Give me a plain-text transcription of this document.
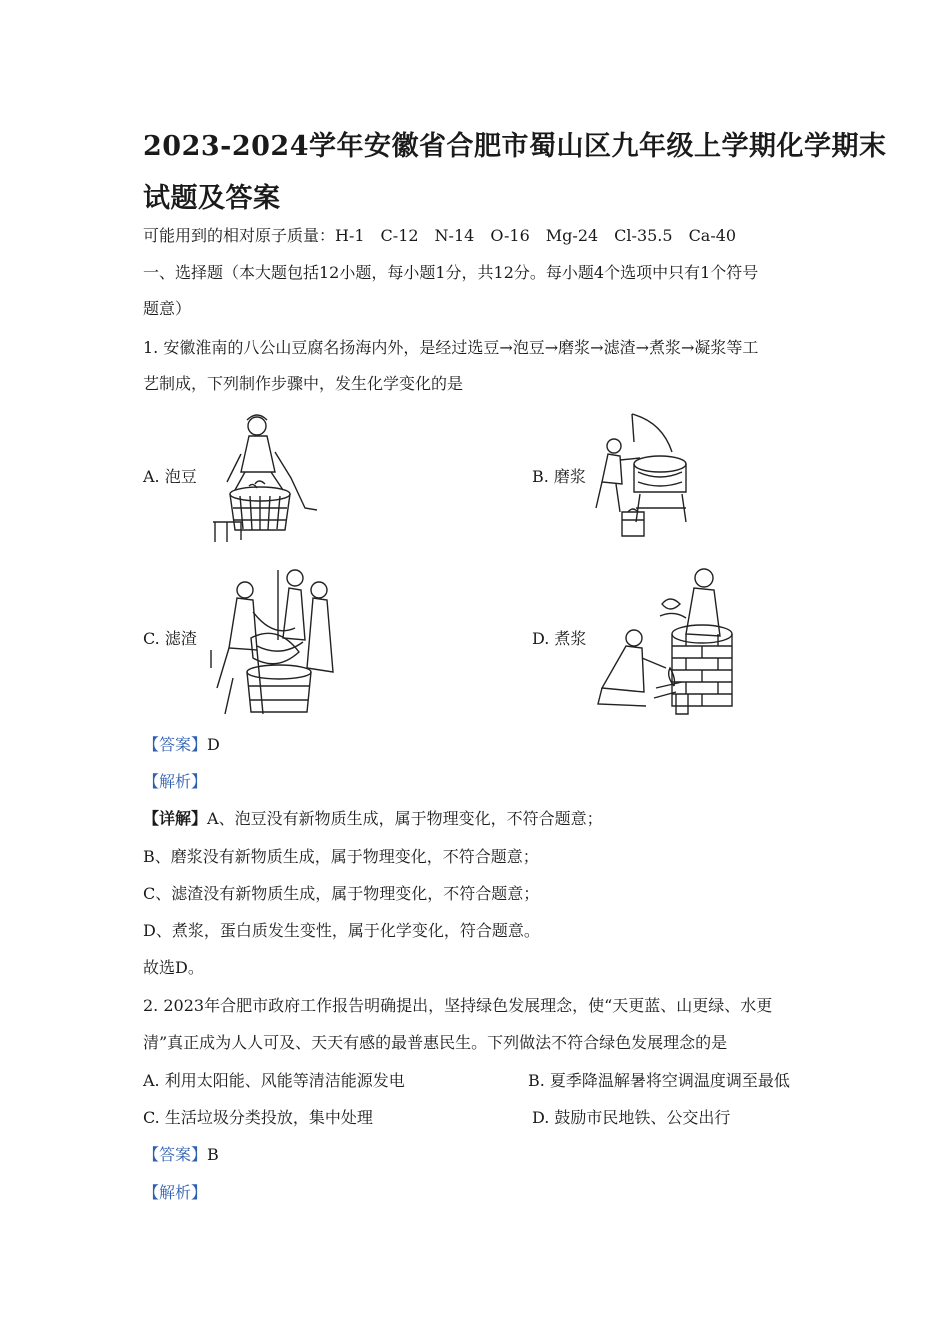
2023-2024学年安徽省合肥市蜀山区九年级上学期化学期末
试题及答案
可能用到的相对原子质量：H-1　C-12　N-14　O-16　Mg-24　Cl-35.5　Ca-40
一、选择题（本大题包括12小题，每小题1分，共12分。每小题4个选项中只有1个符号
题意）
1. 安徽淮南的八公山豆腐名扬海内外，是经过选豆→泡豆→磨浆→滤渣→煮浆→凝浆等工
艺制成，下列制作步骤中，发生化学变化的是
A. 泡豆	B. 磨浆
C. 滤渣	D. 煮浆
【答案】D
【解析】
【详解】A、泡豆没有新物质生成，属于物理变化，不符合题意；
B、磨浆没有新物质生成，属于物理变化，不符合题意；
C、滤渣没有新物质生成，属于物理变化，不符合题意；
D、煮浆，蛋白质发生变性，属于化学变化，符合题意。
故选D。
2. 2023年合肥市政府工作报告明确提出，坚持绿色发展理念，使“天更蓝、山更绿、水更
清”真正成为人人可及、天天有感的最普惠民生。下列做法不符合绿色发展理念的是
A. 利用太阳能、风能等清洁能源发电	B. 夏季降温解暑将空调温度调至最低
C. 生活垃圾分类投放，集中处理	D. 鼓励市民地铁、公交出行
【答案】B
【解析】
